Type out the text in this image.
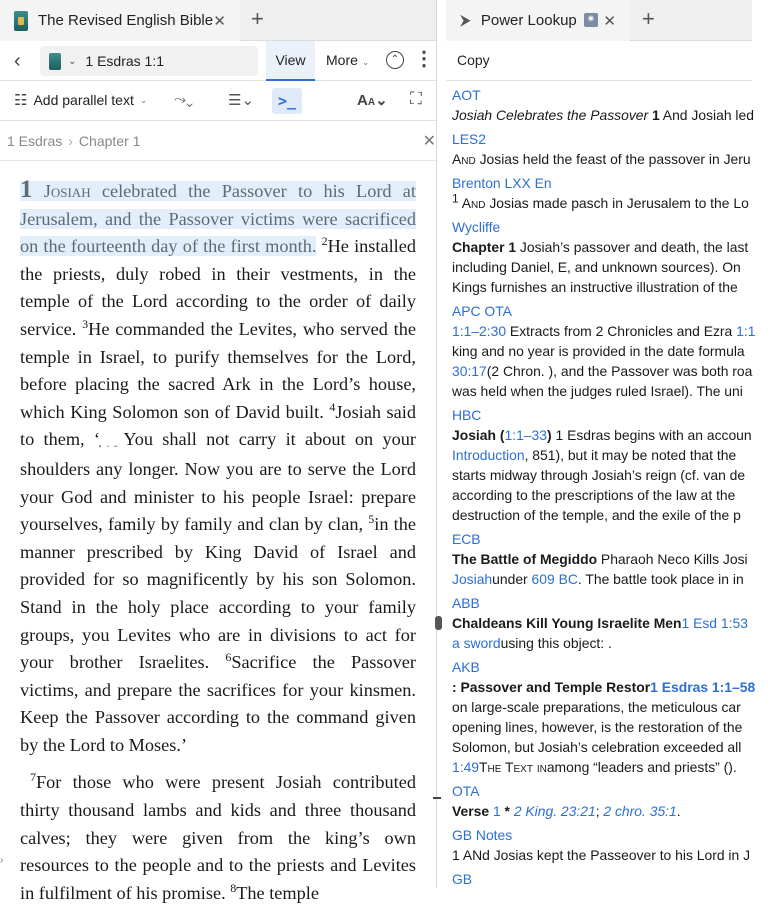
The Revised English Bible ✕ +
‹	⌄ 1 Esdras 1:1	View	More ⌄	⌃ ⋮
☷ Add parallel text ⌄ ⤳⌄ ☰⌄	>_	AA⌄ ⛶
1 Esdras › Chapter 1	✕

1 Josiah celebrated the Passover to his Lord at Jerusalem, and the Passover victims were sacrificed on the fourteenth day of the first month. $^2$He installed the priests, duly robed in their vestments, in the temple of the Lord according to the order of daily service. $^3$He commanded the Levites, who served the temple in Israel, to purify themselves for the Lord, before placing the sacred Ark in the Lord’s house, which King Solomon son of David built. $^4$Josiah said to them, ‘֣ ֤ ֥ ֦You shall not carry it about on your shoulders any longer. Now you are to serve the Lord your God and minister to his people Israel: prepare yourselves, family by family and clan by clan, $^5$in the manner prescribed by King David of Israel and provided for so magnificently by his son Solomon. Stand in the holy place according to your family groups, you Levites who are in divisions to act for your brother Israelites. $^6$Sacrifice the Passover victims, and prepare the sacrifices for your kinsmen. Keep the Passover according to the command given by the Lord to Moses.’

$^7$For those who were present Josiah contributed thirty thousand lambs and kids and three thousand calves; they were given from the king’s own resources to the people and to the priests and Levites in fulfilment of his promise. $^8$The temple

›
⮞ Power Lookup ✷ ✕ +
Copy
AOT
Josiah Celebrates the Passover 1 And Josiah led
LES2
And Josias held the feast of the passover in Jeru
Brenton LXX En
1 And Josias made pasch in Jerusalem to the Lo
Wycliffe
Chapter 1 Josiah’s passover and death, the last
including Daniel, E, and unknown sources). On
Kings furnishes an instructive illustration of the
APC OTA
1:1–2:30 Extracts from 2 Chronicles and Ezra 1:1
king and no year is provided in the date formula
30:17(2 Chron. ), and the Passover was both roa
was held when the judges ruled Israel). The uni
HBC
Josiah (1:1–33) 1 Esdras begins with an accoun
Introduction, 851), but it may be noted that the
starts midway through Josiah’s reign (cf. van de
according to the prescriptions of the law at the
destruction of the temple, and the exile of the p
ECB
The Battle of Megiddo Pharaoh Neco Kills Josi
Josiahunder 609 BC. The battle took place in in
ABB
Chaldeans Kill Young Israelite Men1 Esd 1:53
a swordusing this object: .
AKB
: Passover and Temple Restor1 Esdras 1:1–58
on large-scale preparations, the meticulous car
opening lines, however, is the restoration of the
Solomon, but Josiah’s celebration exceeded all
1:49The Text inamong “leaders and priests” ().
OTA
Verse 1 * 2 King. 23:21; 2 chro. 35:1.
GB Notes
1 ANd Josias kept the Passeover to his Lord in J
GB
